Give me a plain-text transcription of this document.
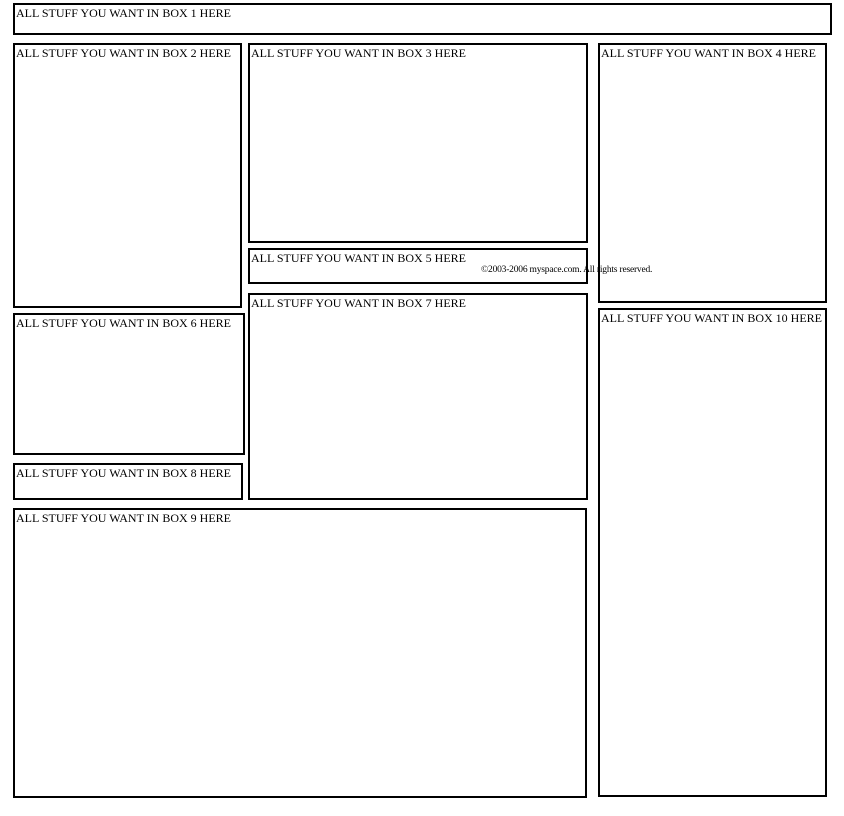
ALL STUFF YOU WANT IN BOX 1 HERE
ALL STUFF YOU WANT IN BOX 2 HERE ALL STUFF YOU WANT IN BOX 3 HERE	ALL STUFF YOU WANT IN BOX 4 HERE
ALL STUFF YOU WANT IN BOX 5 HERE
ALL STUFF YOU WANT IN BOX 6 HERE
ALL STUFF YOU WANT IN BOX 7 HERE
ALL STUFF YOU WANT IN BOX 8 HERE
ALL STUFF YOU WANT IN BOX 9 HERE
ALL STUFF YOU WANT IN BOX 10 HERE
©2003-2006 myspace.com. All rights reserved.
